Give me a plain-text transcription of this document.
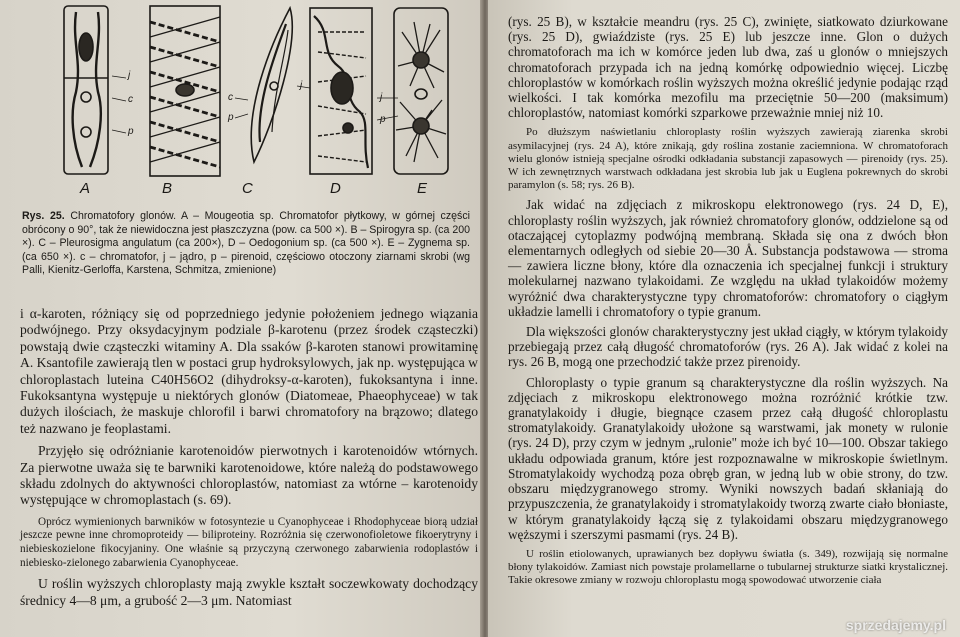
A	B	C	D	E
j
c
p
c
p
j
j
p
Rys. 25. Chromatofory glonów. A – Mougeotia sp. Chromatofor płytkowy, w górnej części obrócony o 90°, tak że niewidoczna jest płaszczyzna (pow. ca 500 ×). B – Spirogyra sp. (ca 200 ×). C – Pleurosigma angulatum (ca 200×), D – Oedogonium sp. (ca 500 ×). E – Zygnema sp. (ca 650 ×). c – chromatofor, j – jądro, p – pirenoid, częściowo otoczony ziarnami skrobi (wg Palli, Kienitz-Gerloffa, Karstena, Schmitza, zmienione)

i α-karoten, różniący się od poprzedniego jedynie położeniem jednego wiązania podwójnego. Przy oksydacyjnym podziale β-karotenu (przez środek cząsteczki) powstają dwie cząsteczki witaminy A. Dla ssaków β-karoten stanowi prowitaminę A. Ksantofile zawierają tlen w postaci grup hydroksylowych, jak np. występująca w chloroplastach luteina C40H56O2 (dihydroksy-α-karoten), fukoksantyna i inne. Fukoksantyna występuje u niektórych glonów (Diatomeae, Phaeophyceae) w tak dużych ilościach, że maskuje chlorofil i barwi chromatofory na brązowo; dlatego też nazwano je feoplastami.

Przyjęło się odróżnianie karotenoidów pierwotnych i karotenoidów wtórnych. Za pierwotne uważa się te barwniki karotenoidowe, które należą do podstawowego składu zdolnych do aktywności chloroplastów, natomiast za wtórne – karotenoidy występujące w chromoplastach (s. 69).

Oprócz wymienionych barwników w fotosyntezie u Cyanophyceae i Rhodophyceae biorą udział jeszcze pewne inne chromoproteidy — biliproteiny. Rozróżnia się czerwonofioletowe fikoerytryny i niebieskozielone fikocyjaniny. One właśnie są przyczyną czerwonego zabarwienia rodoplastów i niebiesko-zielonego zabarwienia Cyanophyceae.

U roślin wyższych chloroplasty mają zwykle kształt soczewkowaty dochodzący średnicy 4—8 μm, a grubość 2—3 μm. Natomiast

(rys. 25 B), w kształcie meandru (rys. 25 C), zwinięte, siatkowato dziurkowane (rys. 25 D), gwiaździste (rys. 25 E) lub jeszcze inne. Glon o dużych chromatoforach ma ich w komórce jeden lub dwa, zaś u glonów o mniejszych chromatoforach przypada ich na jedną komórkę odpowiednio więcej. Liczbę chloroplastów w komórkach roślin wyższych można określić jedynie podając rząd wielkości. I tak komórka mezofilu ma przeciętnie 50—200 (maksimum) chloroplastów, natomiast komórki szparkowe przeważnie mniej niż 10.

Po dłuższym naświetlaniu chloroplasty roślin wyższych zawierają ziarenka skrobi asymilacyjnej (rys. 24 A), które znikają, gdy roślina zostanie zaciemniona. W chromatoforach wielu glonów istnieją specjalne ośrodki odkładania substancji zapasowych — pirenoidy (rys. 25). W ich zewnętrznych warstwach odkładana jest skrobia lub jak u Euglena pokrewnych do skrobi paramylon (s. 58; rys. 26 B).

Jak widać na zdjęciach z mikroskopu elektronowego (rys. 24 D, E), chloroplasty roślin wyższych, jak również chromatofory glonów, oddzielone są od otaczającej cytoplazmy podwójną membraną. Składa się ona z dwóch błon elementarnych odległych od siebie 20—30 Å. Substancja podstawowa — stroma — zawiera liczne błony, które dla oznaczenia ich specjalnej funkcji i struktury molekularnej nazwano tylakoidami. Ze względu na układ tylakoidów możemy wyróżnić dwa charakterystyczne typy chromatoforów: chromatofory o ciągłym układzie lamelli i chromatofory o typie granum.

Dla większości glonów charakterystyczny jest układ ciągły, w którym tylakoidy przebiegają przez całą długość chromatoforów (rys. 26 A). Jak widać z kolei na rys. 26 B, mogą one przechodzić także przez pirenoidy.

Chloroplasty o typie granum są charakterystyczne dla roślin wyższych. Na zdjęciach z mikroskopu elektronowego można rozróżnić krótkie tzw. granatylakoidy i długie, biegnące czasem przez całą długość chloroplastu stromatylakoidy. Granatylakoidy ułożone są warstwami, jak monety w rulonie (rys. 24 D), przy czym w jednym „rulonie" może ich być 10—100. Obszar takiego układu odpowiada granum, które jest rozpoznawalne w mikroskopie świetlnym. Stromatylakoidy wychodzą poza obręb gran, w jedną lub w obie strony, do tzw. obszaru międzygranowego stromy. Wyniki nowszych badań skłaniają do przypuszczenia, że granatylakoidy i stromatylakoidy tworzą zwarte ciało błoniaste, w którym granatylakoidy łączą się z tylakoidami obszaru międzygranowego węższymi i szerszymi pasmami (rys. 24 B).

U roślin etiolowanych, uprawianych bez dopływu światła (s. 349), rozwijają się normalne błony tylakoidów. Zamiast nich powstaje prolamellarne o tubularnej strukturze siatki krystalicznej. Takie okresowe zmiany w rozwoju chloroplastu mogą spowodować utworzenie ciała

sprzedajemy.pl
